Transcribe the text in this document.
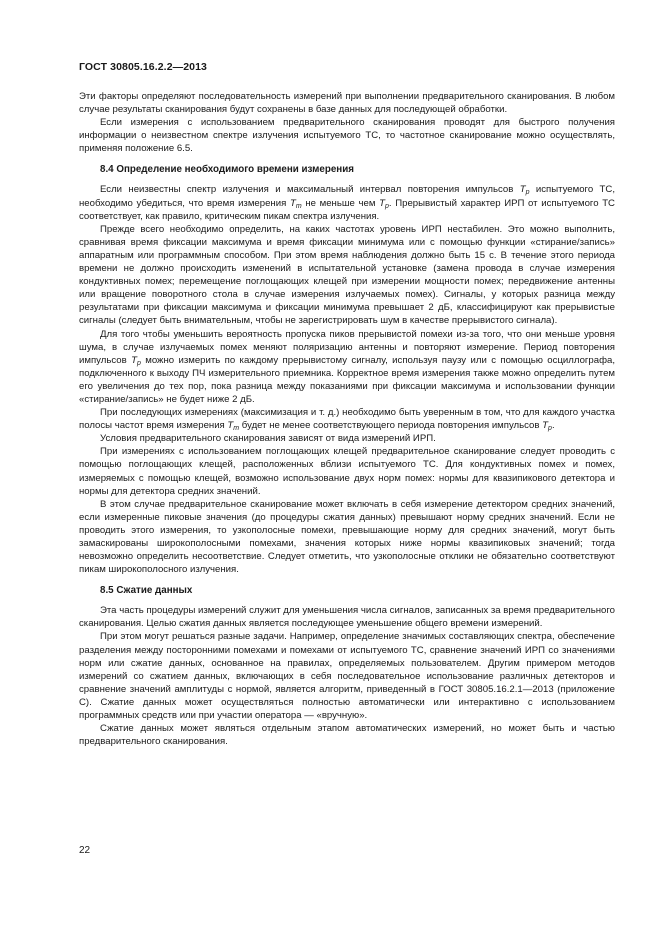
ГОСТ 30805.16.2.2—2013

Эти факторы определяют последовательность измерений при выполнении предварительного сканирования. В любом случае результаты сканирования будут сохранены в базе данных для последующей обработки.

Если измерения с использованием предварительного сканирования проводят для быстрого получения информации о неизвестном спектре излучения испытуемого ТС, то частотное сканирование можно осуществлять, применяя положение 6.5.

8.4 Определение необходимого времени измерения

Если неизвестны спектр излучения и максимальный интервал повторения импульсов $T_p$ испытуемого ТС, необходимо убедиться, что время измерения $T_m$ не меньше чем $T_p$. Прерывистый характер ИРП от испытуемого ТС соответствует, как правило, критическим пикам спектра излучения.

Прежде всего необходимо определить, на каких частотах уровень ИРП нестабилен. Это можно выполнить, сравнивая время фиксации максимума и время фиксации минимума или с помощью функции «стирание/запись» аппаратным или программным способом. При этом время наблюдения должно быть 15 с. В течение этого периода времени не должно происходить изменений в испытательной установке (замена провода в случае измерения кондуктивных помех; перемещение поглощающих клещей при измерении мощности помех; передвижение антенны или вращение поворотного стола в случае измерения излучаемых помех). Сигналы, у которых разница между результатами при фиксации максимума и фиксации минимума превышает 2 дБ, классифицируют как прерывистые сигналы (следует быть внимательным, чтобы не зарегистрировать шум в качестве прерывистого сигнала).

Для того чтобы уменьшить вероятность пропуска пиков прерывистой помехи из-за того, что они меньше уровня шума, в случае излучаемых помех меняют поляризацию антенны и повторяют измерение. Период повторения импульсов $T_p$ можно измерить по каждому прерывистому сигналу, используя паузу или с помощью осциллографа, подключенного к выходу ПЧ измерительного приемника. Корректное время измерения также можно определить путем его увеличения до тех пор, пока разница между показаниями при фиксации максимума и использовании функции «стирание/запись» не будет ниже 2 дБ.

При последующих измерениях (максимизация и т. д.) необходимо быть уверенным в том, что для каждого участка полосы частот время измерения $T_m$ будет не менее соответствующего периода повторения импульсов $T_p$.

Условия предварительного сканирования зависят от вида измерений ИРП.

При измерениях с использованием поглощающих клещей предварительное сканирование следует проводить с помощью поглощающих клещей, расположенных вблизи испытуемого ТС. Для кондуктивных помех и помех, измеряемых с помощью клещей, возможно использование двух норм помех: нормы для квазипикового детектора и нормы для детектора средних значений.

В этом случае предварительное сканирование может включать в себя измерение детектором средних значений, если измеренные пиковые значения (до процедуры сжатия данных) превышают норму средних значений. Если не проводить этого измерения, то узкополосные помехи, превышающие норму для средних значений, могут быть замаскированы широкополосными помехами, значения которых ниже нормы квазипиковых значений; тогда невозможно определить несоответствие. Следует отметить, что узкополосные отклики не обязательно соответствуют пикам широкополосного излучения.

8.5 Сжатие данных

Эта часть процедуры измерений служит для уменьшения числа сигналов, записанных за время предварительного сканирования. Целью сжатия данных является последующее уменьшение общего времени измерений.

При этом могут решаться разные задачи. Например, определение значимых составляющих спектра, обеспечение разделения между посторонними помехами и помехами от испытуемого ТС, сравнение значений ИРП со значениями норм или сжатие данных, основанное на правилах, определяемых пользователем. Другим примером методов измерений со сжатием данных, включающих в себя последовательное использование различных детекторов и сравнение значений амплитуды с нормой, является алгоритм, приведенный в ГОСТ 30805.16.2.1—2013 (приложение С). Сжатие данных может осуществляться полностью автоматически или интерактивно с использованием программных средств или при участии оператора — «вручную».

Сжатие данных может являться отдельным этапом автоматических измерений, но может быть и частью предварительного сканирования.

22
